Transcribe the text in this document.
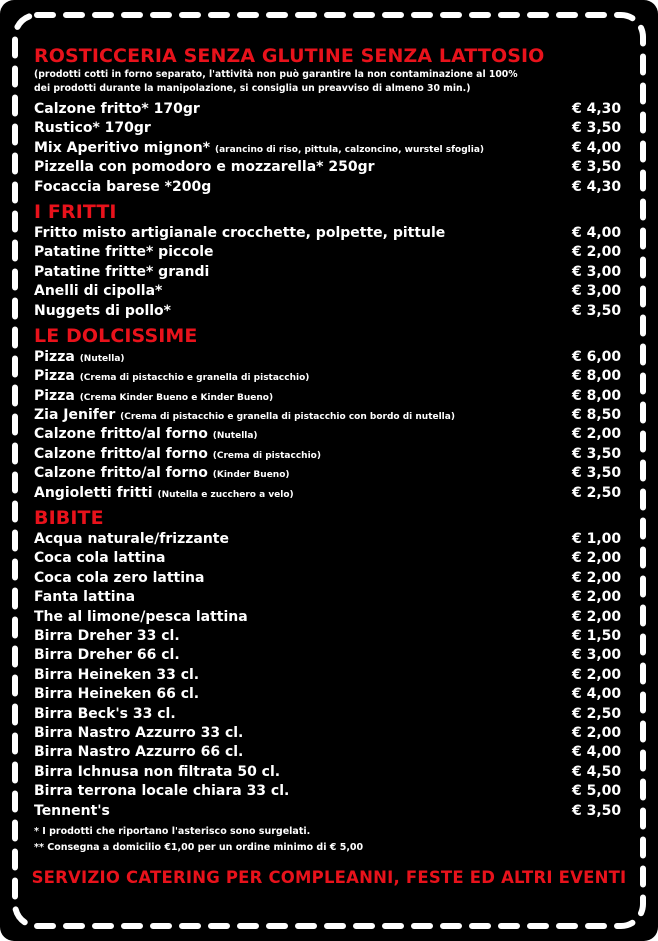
ROSTICCERIA SENZA GLUTINE SENZA LATTOSIO

(prodotti cotti in forno separato, l'attività non può garantire la non contaminazione al 100% dei prodotti durante la manipolazione, si consiglia un preavviso di almeno 30 min.)

Calzone fritto* 170gr	€ 4,30
Rustico* 170gr	€ 3,50
Mix Aperitivo mignon* (arancino di riso, pittula, calzoncino, wurstel sfoglia)	€ 4,00
Pizzella con pomodoro e mozzarella* 250gr	€ 3,50
Focaccia barese *200g	€ 4,30
I FRITTI
Fritto misto artigianale crocchette, polpette, pittule	€ 4,00
Patatine fritte* piccole	€ 2,00
Patatine fritte* grandi	€ 3,00
Anelli di cipolla*	€ 3,00
Nuggets di pollo*	€ 3,50
LE DOLCISSIME
Pizza (Nutella)	€ 6,00
Pizza (Crema di pistacchio e granella di pistacchio)	€ 8,00
Pizza (Crema Kinder Bueno e Kinder Bueno)	€ 8,00
Zia Jenifer (Crema di pistacchio e granella di pistacchio con bordo di nutella)	€ 8,50
Calzone fritto/al forno (Nutella)	€ 2,00
Calzone fritto/al forno (Crema di pistacchio)	€ 3,50
Calzone fritto/al forno (Kinder Bueno)	€ 3,50
Angioletti fritti (Nutella e zucchero a velo)	€ 2,50
BIBITE
Acqua naturale/frizzante	€ 1,00
Coca cola lattina	€ 2,00
Coca cola zero lattina	€ 2,00
Fanta lattina	€ 2,00
The al limone/pesca lattina	€ 2,00
Birra Dreher 33 cl.	€ 1,50
Birra Dreher 66 cl.	€ 3,00
Birra Heineken 33 cl.	€ 2,00
Birra Heineken 66 cl.	€ 4,00
Birra Beck's 33 cl.	€ 2,50
Birra Nastro Azzurro 33 cl.	€ 2,00
Birra Nastro Azzurro 66 cl.	€ 4,00
Birra Ichnusa non filtrata 50 cl.	€ 4,50
Birra terrona locale chiara 33 cl.	€ 5,00
Tennent's	€ 3,50
* I prodotti che riportano l'asterisco sono surgelati.
** Consegna a domicilio €1,00 per un ordine minimo di € 5,00
SERVIZIO CATERING PER COMPLEANNI, FESTE ED ALTRI EVENTI
